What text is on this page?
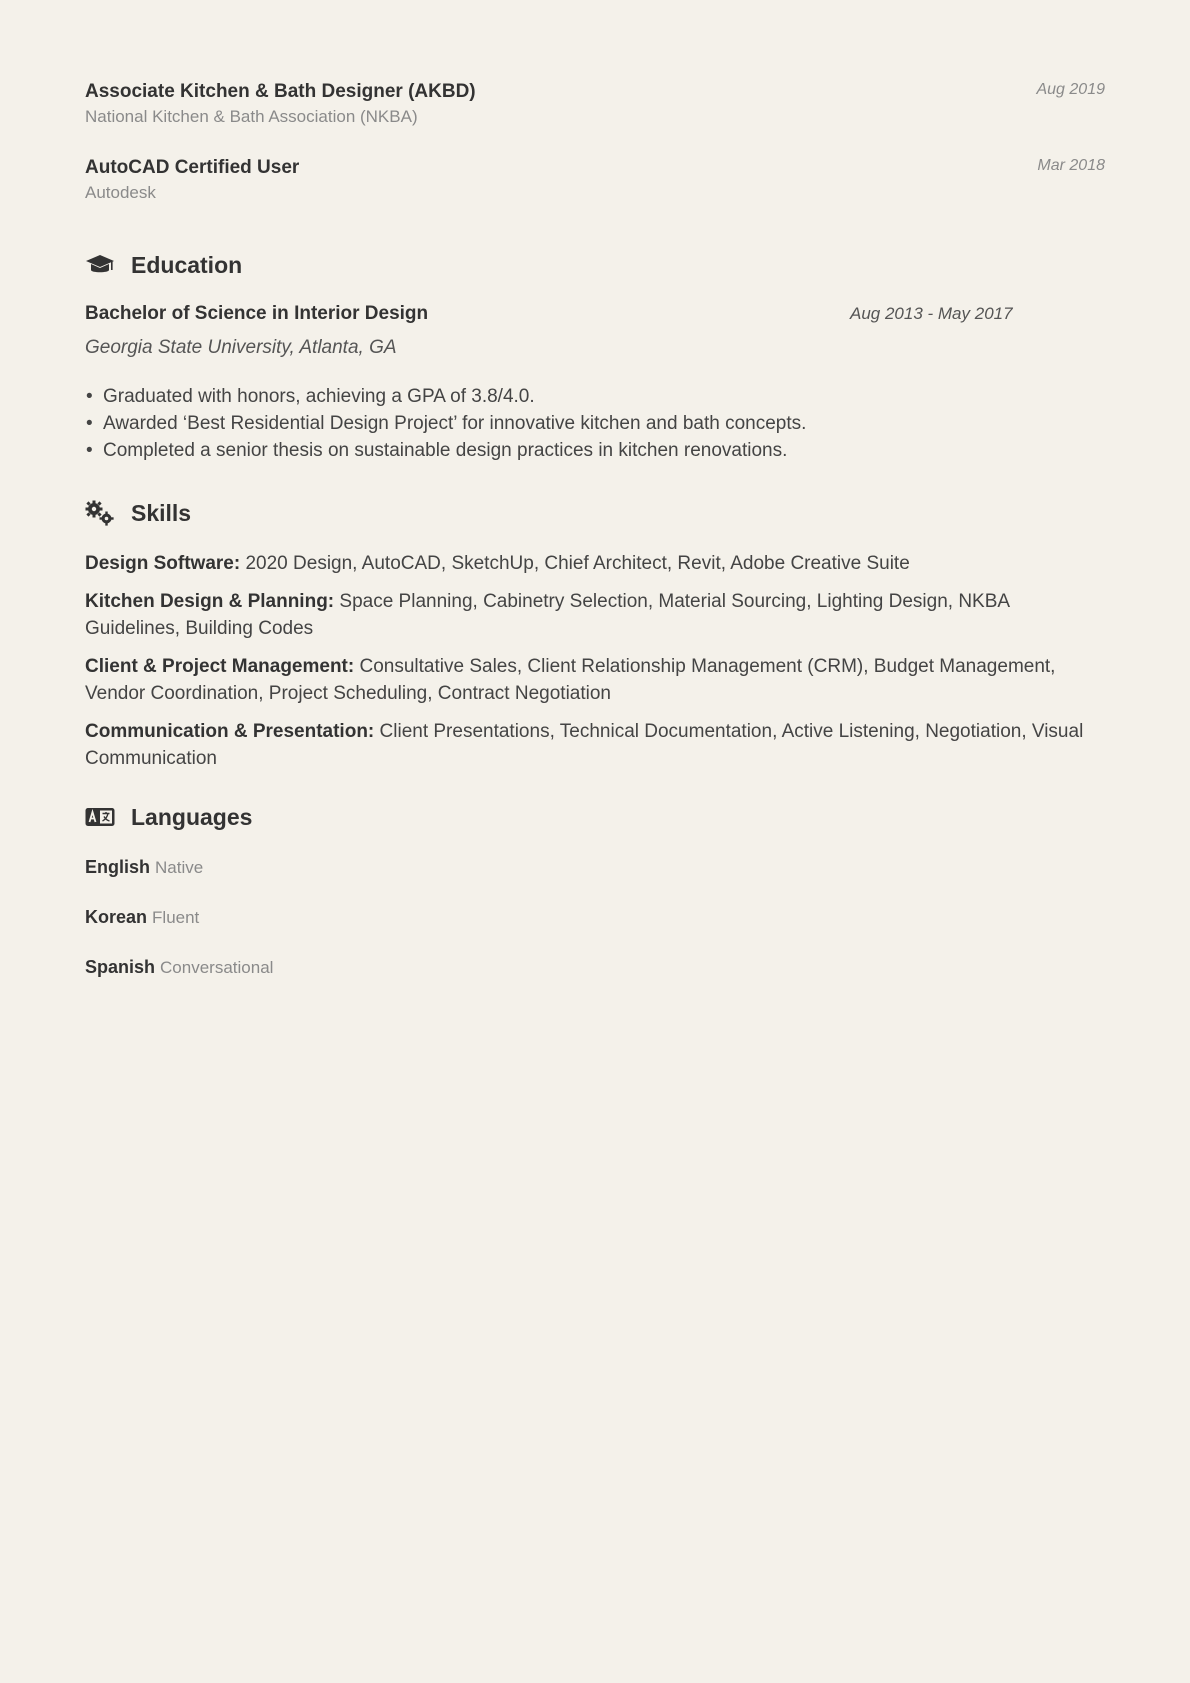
Associate Kitchen & Bath Designer (AKBD)
National Kitchen & Bath Association (NKBA)
Aug 2019
AutoCAD Certified User
Autodesk
Mar 2018
Education
Bachelor of Science in Interior Design	Aug 2013 - May 2017
Georgia State University, Atlanta, GA
• Graduated with honors, achieving a GPA of 3.8/4.0.
• Awarded ‘Best Residential Design Project’ for innovative kitchen and bath concepts.
• Completed a senior thesis on sustainable design practices in kitchen renovations.
Skills
Design Software: 2020 Design, AutoCAD, SketchUp, Chief Architect, Revit, Adobe Creative Suite
Kitchen Design & Planning: Space Planning, Cabinetry Selection, Material Sourcing, Lighting Design, NKBA Guidelines, Building Codes
Client & Project Management: Consultative Sales, Client Relationship Management (CRM), Budget Management, Vendor Coordination, Project Scheduling, Contract Negotiation
Communication & Presentation: Client Presentations, Technical Documentation, Active Listening, Negotiation, Visual Communication
Languages
English Native
Korean Fluent
Spanish Conversational
